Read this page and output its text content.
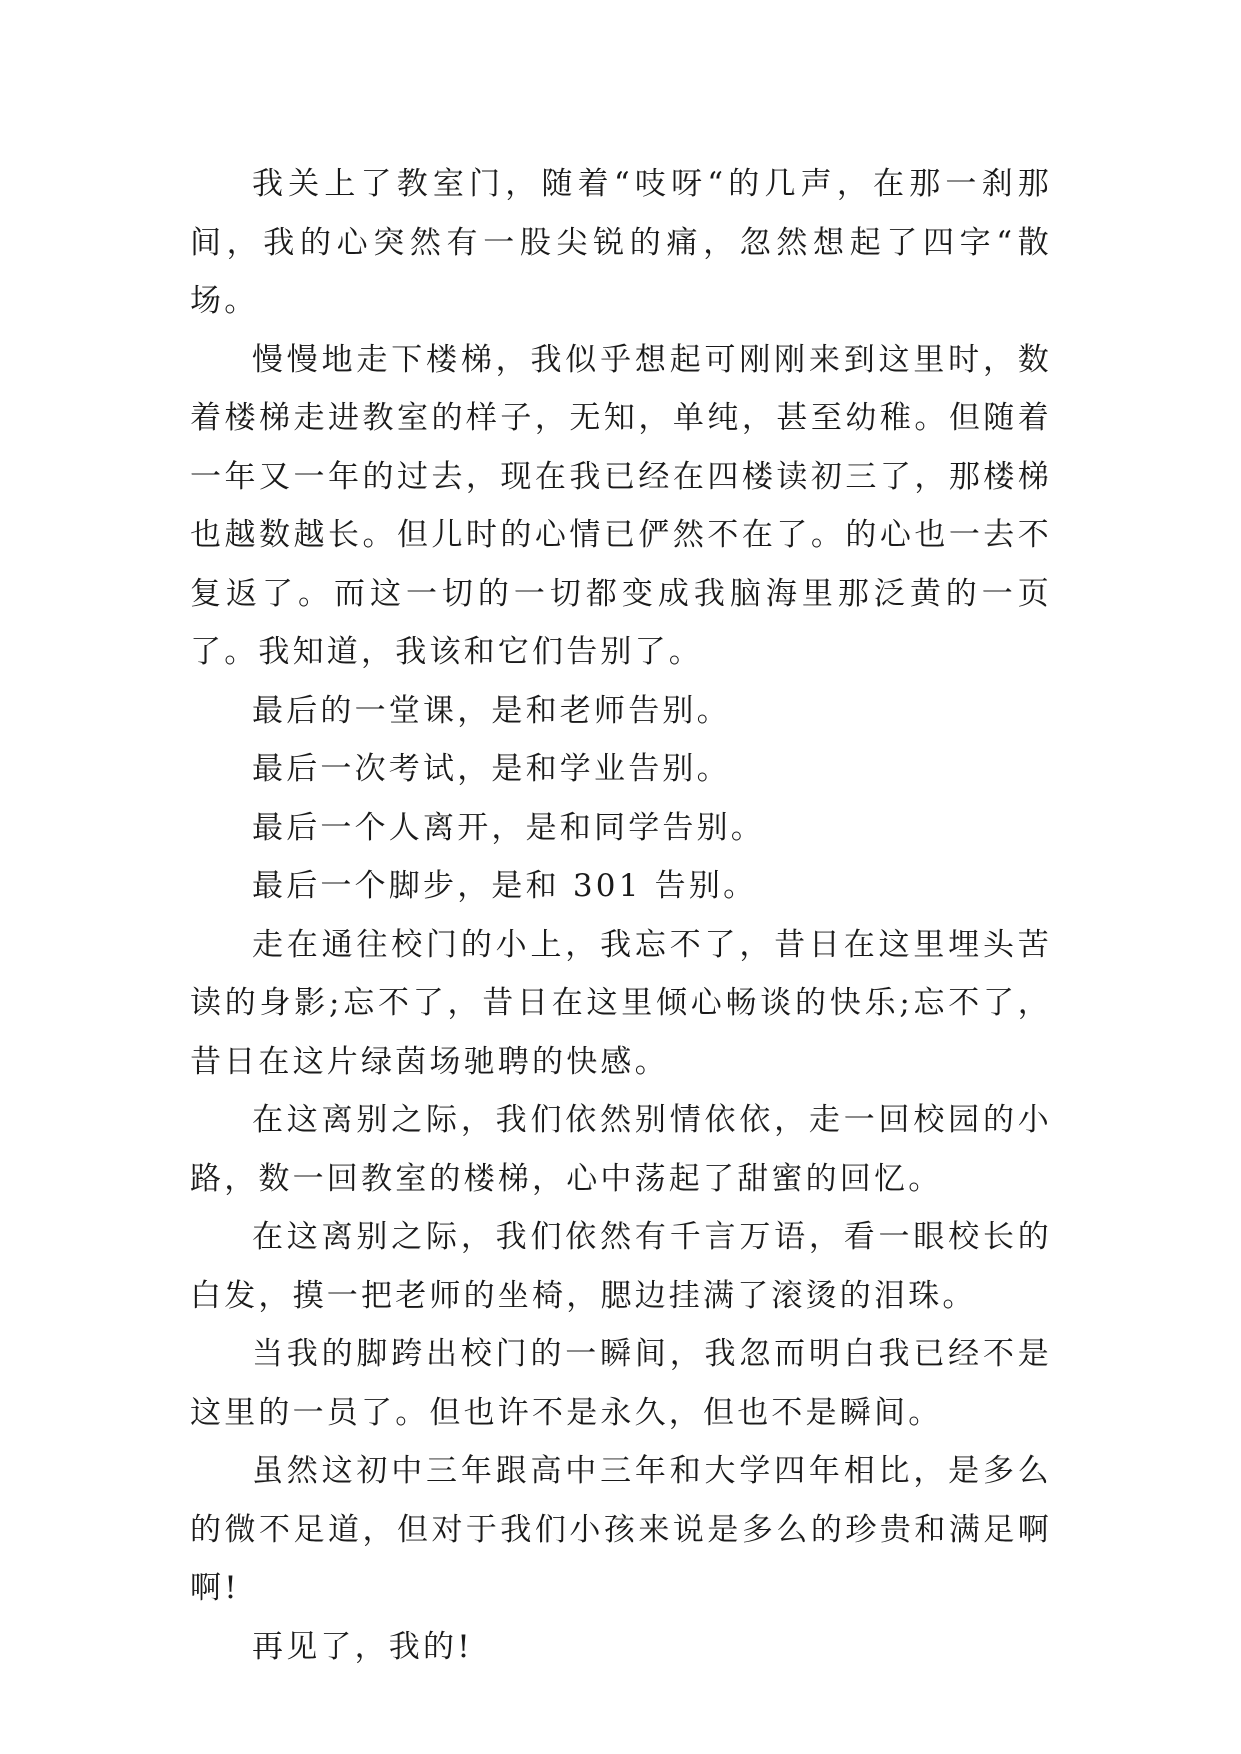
我关上了教室门，随着“吱呀“的几声，在那一刹那间，我的心突然有一股尖锐的痛，忽然想起了四字“散场。

慢慢地走下楼梯，我似乎想起可刚刚来到这里时，数着楼梯走进教室的样子，无知，单纯，甚至幼稚。但随着一年又一年的过去，现在我已经在四楼读初三了，那楼梯也越数越长。但儿时的心情已俨然不在了。的心也一去不复返了。而这一切的一切都变成我脑海里那泛黄的一页了。我知道，我该和它们告别了。

最后的一堂课，是和老师告别。

最后一次考试，是和学业告别。

最后一个人离开，是和同学告别。

最后一个脚步，是和 301 告别。

走在通往校门的小上，我忘不了，昔日在这里埋头苦读的身影;忘不了，昔日在这里倾心畅谈的快乐;忘不了，昔日在这片绿茵场驰聘的快感。

在这离别之际，我们依然别情依依，走一回校园的小路，数一回教室的楼梯，心中荡起了甜蜜的回忆。

在这离别之际，我们依然有千言万语，看一眼校长的白发，摸一把老师的坐椅，腮边挂满了滚烫的泪珠。

当我的脚跨出校门的一瞬间，我忽而明白我已经不是这里的一员了。但也许不是永久，但也不是瞬间。

虽然这初中三年跟高中三年和大学四年相比，是多么的微不足道，但对于我们小孩来说是多么的珍贵和满足啊啊!

再见了，我的!
